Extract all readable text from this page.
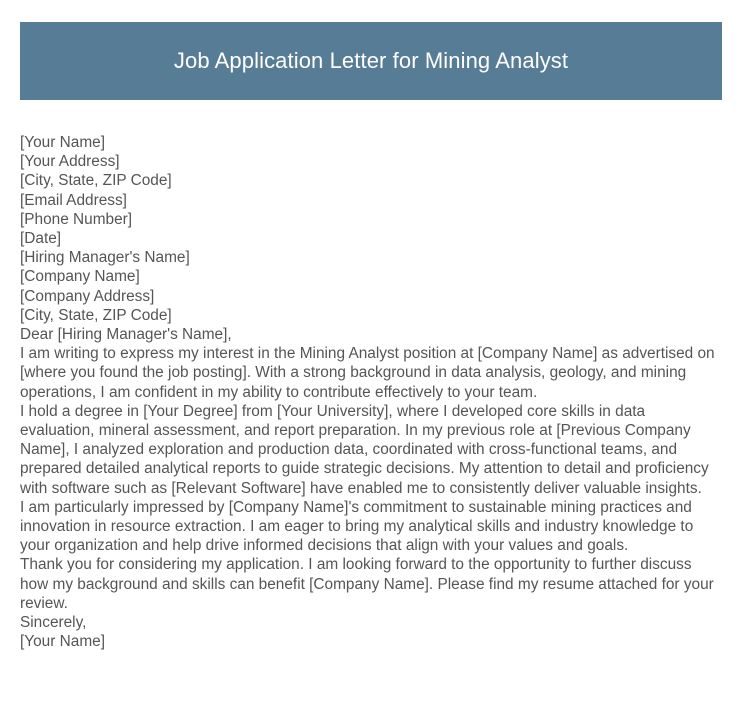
Job Application Letter for Mining Analyst
[Your Name]
[Your Address]
[City, State, ZIP Code]
[Email Address]
[Phone Number]
[Date]
[Hiring Manager's Name]
[Company Name]
[Company Address]
[City, State, ZIP Code]
Dear [Hiring Manager's Name],
I am writing to express my interest in the Mining Analyst position at [Company Name] as advertised on [where you found the job posting]. With a strong background in data analysis, geology, and mining operations, I am confident in my ability to contribute effectively to your team.
I hold a degree in [Your Degree] from [Your University], where I developed core skills in data evaluation, mineral assessment, and report preparation. In my previous role at [Previous Company Name], I analyzed exploration and production data, coordinated with cross-functional teams, and prepared detailed analytical reports to guide strategic decisions. My attention to detail and proficiency with software such as [Relevant Software] have enabled me to consistently deliver valuable insights.
I am particularly impressed by [Company Name]'s commitment to sustainable mining practices and innovation in resource extraction. I am eager to bring my analytical skills and industry knowledge to your organization and help drive informed decisions that align with your values and goals.
Thank you for considering my application. I am looking forward to the opportunity to further discuss how my background and skills can benefit [Company Name]. Please find my resume attached for your review.
Sincerely,
[Your Name]
